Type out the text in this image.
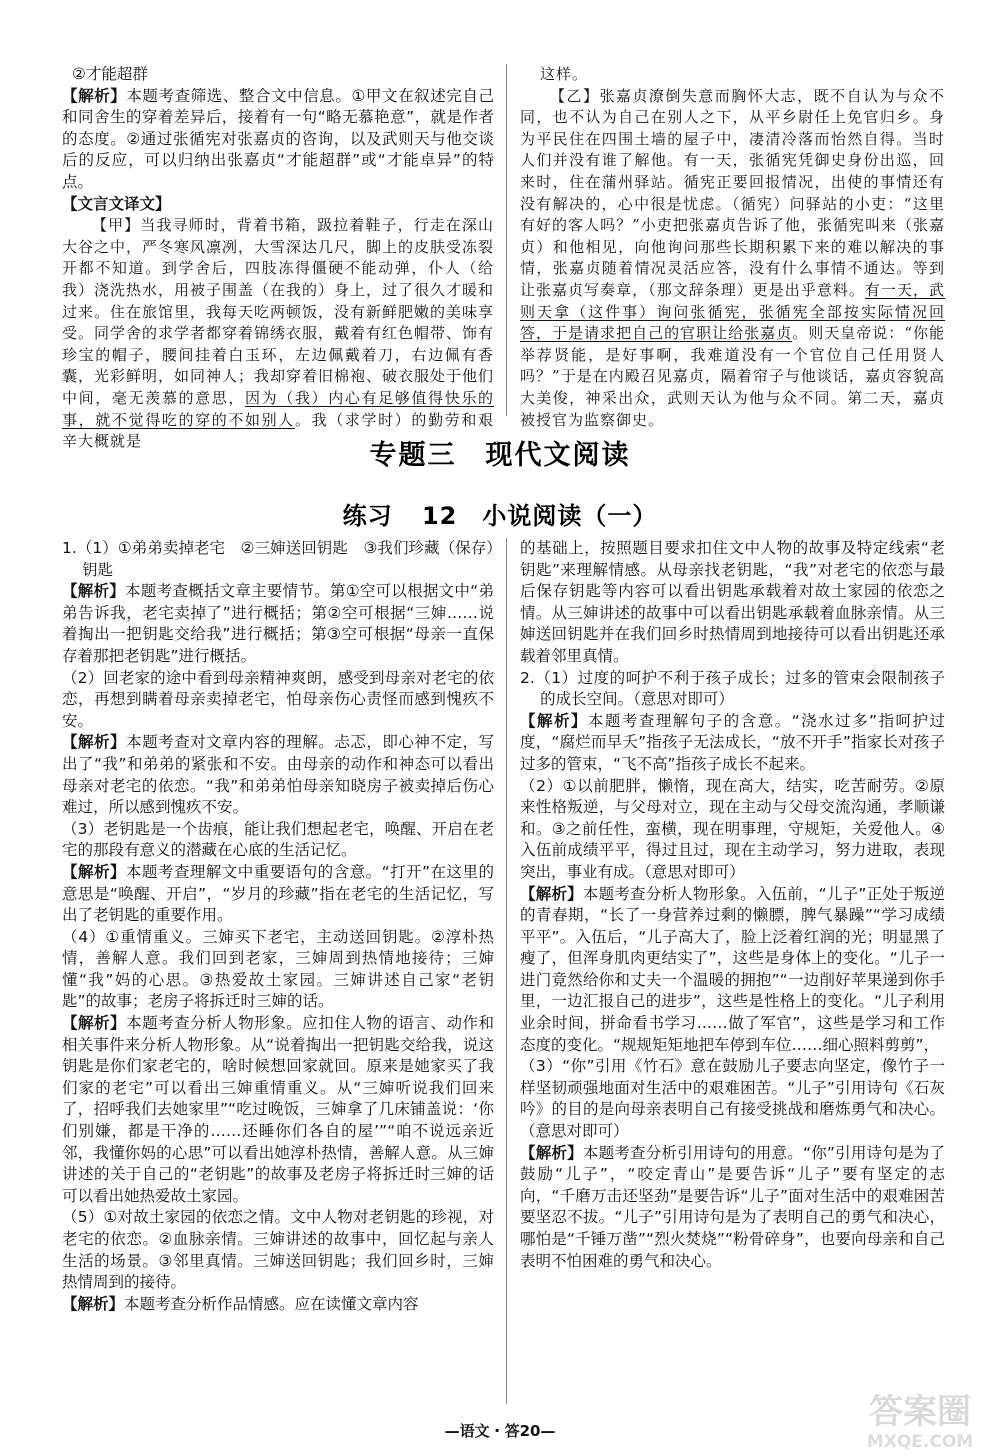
②才能超群

【解析】本题考查筛选、整合文中信息。①甲文在叙述完自己和同舍生的穿着差异后，接着有一句“略无慕艳意”，就是作者的态度。②通过张循宪对张嘉贞的咨询，以及武则天与他交谈后的反应，可以归纳出张嘉贞“才能超群”或“才能卓异”的特点。

【文言文译文】

【甲】当我寻师时，背着书箱，趿拉着鞋子，行走在深山大谷之中，严冬寒风凛冽，大雪深达几尺，脚上的皮肤受冻裂开都不知道。到学舍后，四肢冻得僵硬不能动弹，仆人（给我）浇洗热水，用被子围盖（在我的）身上，过了很久才暖和过来。住在旅馆里，我每天吃两顿饭，没有新鲜肥嫩的美味享受。同学舍的求学者都穿着锦绣衣服，戴着有红色帽带、饰有珍宝的帽子，腰间挂着白玉环，左边佩戴着刀，右边佩有香囊，光彩鲜明，如同神人；我却穿着旧棉袍、破衣服处于他们中间，毫无羡慕的意思，因为（我）内心有足够值得快乐的事，就不觉得吃的穿的不如别人。我（求学时）的勤劳和艰辛大概就是

这样。

【乙】张嘉贞潦倒失意而胸怀大志，既不自认为与众不同，也不认为自己在别人之下，从平乡尉任上免官归乡。身为平民住在四围土墙的屋子中，凄清冷落而怡然自得。当时人们并没有谁了解他。有一天，张循宪凭御史身份出巡，回来时，住在蒲州驿站。循宪正要回报情况，出使的事情还有没有解决的，心中很是忧虑。（循宪）问驿站的小吏：“这里有好的客人吗？”小吏把张嘉贞告诉了他，张循宪叫来（张嘉贞）和他相见，向他询问那些长期积累下来的难以解决的事情，张嘉贞随着情况灵活应答，没有什么事情不通达。等到让张嘉贞写奏章，（那文辞条理）更是出乎意料。有一天，武则天拿（这件事）询问张循宪，张循宪全部按实际情况回答，于是请求把自己的官职让给张嘉贞。则天皇帝说：“你能举荐贤能，是好事啊，我难道没有一个官位自己任用贤人吗？”于是在内殿召见嘉贞，隔着帘子与他谈话，嘉贞容貌高大美俊，神采出众，武则天认为他与众不同。第二天，嘉贞被授官为监察御史。

专题三　现代文阅读
练习 12　小说阅读（一）

1.（1）①弟弟卖掉老宅　②三婶送回钥匙　③我们珍藏（保存）钥匙

【解析】本题考查概括文章主要情节。第①空可以根据文中“弟弟告诉我，老宅卖掉了”进行概括；第②空可根据“三婶……说着掏出一把钥匙交给我”进行概括；第③空可根据“母亲一直保存着那把老钥匙”进行概括。

（2）回老家的途中看到母亲精神爽朗，感受到母亲对老宅的依恋，再想到瞒着母亲卖掉老宅，怕母亲伤心责怪而感到愧疚不安。

【解析】本题考查对文章内容的理解。忐忑，即心神不定，写出了“我”和弟弟的紧张和不安。由母亲的动作和神态可以看出母亲对老宅的依恋。“我”和弟弟怕母亲知晓房子被卖掉后伤心难过，所以感到愧疚不安。

（3）老钥匙是一个齿痕，能让我们想起老宅，唤醒、开启在老宅的那段有意义的潜藏在心底的生活记忆。

【解析】本题考查理解文中重要语句的含意。“打开”在这里的意思是“唤醒、开启”，“岁月的珍藏”指在老宅的生活记忆，写出了老钥匙的重要作用。

（4）①重情重义。三婶买下老宅，主动送回钥匙。②淳朴热情，善解人意。我们回到老家，三婶周到热情地接待；三婶懂“我”妈的心思。③热爱故土家园。三婶讲述自己家“老钥匙”的故事；老房子将拆迁时三婶的话。

【解析】本题考查分析人物形象。应扣住人物的语言、动作和相关事件来分析人物形象。从“说着掏出一把钥匙交给我，说这钥匙是你们家老宅的，啥时候想回家就回。原来是她家买了我们家的老宅”可以看出三婶重情重义。从“三婶听说我们回来了，招呼我们去她家里”“吃过晚饭，三婶拿了几床铺盖说：‘你们别嫌，都是干净的……还睡你们各自的屋’”“咱不说远亲近邻，我懂你妈的心思”可以看出她淳朴热情，善解人意。从三婶讲述的关于自己的“老钥匙”的故事及老房子将拆迁时三婶的话可以看出她热爱故土家园。

（5）①对故土家园的依恋之情。文中人物对老钥匙的珍视，对老宅的依恋。②血脉亲情。三婶讲述的故事中，回忆起与亲人生活的场景。③邻里真情。三婶送回钥匙；我们回乡时，三婶热情周到的接待。

【解析】本题考查分析作品情感。应在读懂文章内容

的基础上，按照题目要求扣住文中人物的故事及特定线索“老钥匙”来理解情感。从母亲找老钥匙，“我”对老宅的依恋与最后保存钥匙等内容可以看出钥匙承载着对故土家园的依恋之情。从三婶讲述的故事中可以看出钥匙承载着血脉亲情。从三婶送回钥匙并在我们回乡时热情周到地接待可以看出钥匙还承载着邻里真情。

2.（1）过度的呵护不利于孩子成长；过多的管束会限制孩子的成长空间。（意思对即可）

【解析】本题考查理解句子的含意。“浇水过多”指呵护过度，“腐烂而早夭”指孩子无法成长，“放不开手”指家长对孩子过多的管束，“飞不高”指孩子成长不起来。

（2）①以前肥胖，懒惰，现在高大，结实，吃苦耐劳。②原来性格叛逆，与父母对立，现在主动与父母交流沟通，孝顺谦和。③之前任性，蛮横，现在明事理，守规矩，关爱他人。④入伍前成绩平平，得过且过，现在主动学习，努力进取，表现突出，事业有成。（意思对即可）

【解析】本题考查分析人物形象。入伍前，“儿子”正处于叛逆的青春期，“长了一身营养过剩的懒膘，脾气暴躁”“学习成绩平平”。入伍后，“儿子高大了，脸上泛着红润的光；明显黑了瘦了，但浑身肌肉更结实了”，这些是身体上的变化。“儿子一进门竟然给你和丈夫一个温暖的拥抱”“一边削好苹果递到你手里，一边汇报自己的进步”，这些是性格上的变化。“儿子利用业余时间，拼命看书学习……做了军官”，这些是学习和工作态度的变化。“规规矩矩地把车停到车位……细心照料剪剪”，

（3）“你”引用《竹石》意在鼓励儿子要志向坚定，像竹子一样坚韧顽强地面对生活中的艰难困苦。“儿子”引用诗句《石灰吟》的目的是向母亲表明自己有接受挑战和磨炼勇气和决心。（意思对即可）

【解析】本题考查分析引用诗句的用意。“你”引用诗句是为了鼓励“儿子”，“咬定青山”是要告诉“儿子”要有坚定的志向，“千磨万击还坚劲”是要告诉“儿子”面对生活中的艰难困苦要坚忍不拔。“儿子”引用诗句是为了表明自己的勇气和决心，哪怕是“千锤万凿”“烈火焚烧”“粉骨碎身”，也要向母亲和自己表明不怕困难的勇气和决心。

—语文・答20—	答案圈
MXQE.COM
